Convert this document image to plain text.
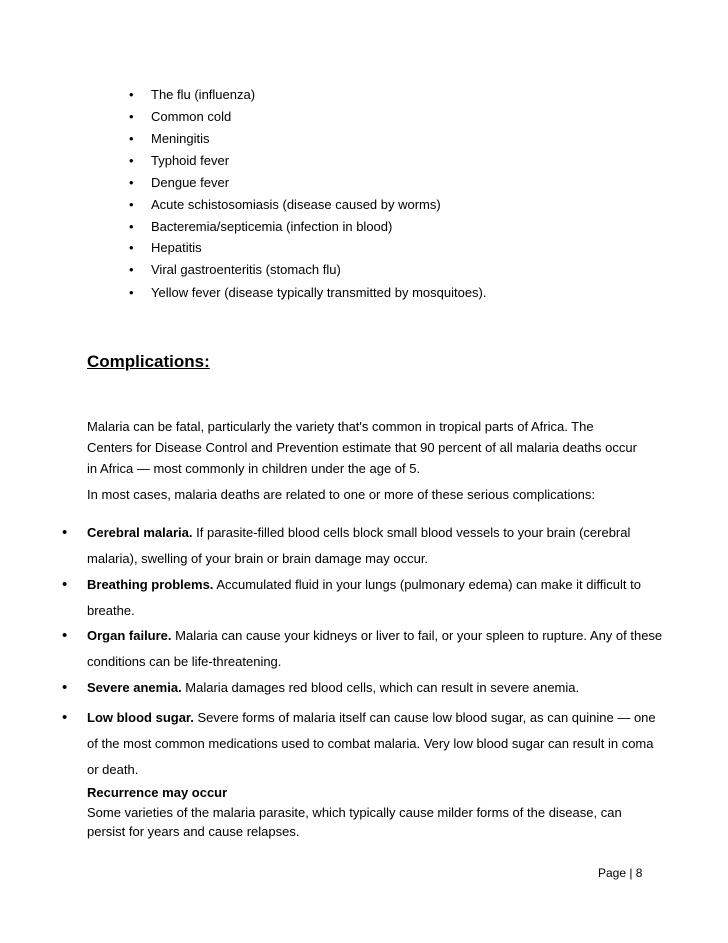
• The flu (influenza)
• Common cold
• Meningitis
• Typhoid fever
• Dengue fever
• Acute schistosomiasis (disease caused by worms)
• Bacteremia/septicemia (infection in blood)
• Hepatitis
• Viral gastroenteritis (stomach flu)
• Yellow fever (disease typically transmitted by mosquitoes).
Complications:
Malaria can be fatal, particularly the variety that's common in tropical parts of Africa. The
Centers for Disease Control and Prevention estimate that 90 percent of all malaria deaths occur
in Africa — most commonly in children under the age of 5.
In most cases, malaria deaths are related to one or more of these serious complications:
• Cerebral malaria. If parasite-filled blood cells block small blood vessels to your brain (cerebral malaria), swelling of your brain or brain damage may occur.
• Breathing problems. Accumulated fluid in your lungs (pulmonary edema) can make it difficult to breathe.
• Organ failure. Malaria can cause your kidneys or liver to fail, or your spleen to rupture. Any of these conditions can be life-threatening.
• Severe anemia. Malaria damages red blood cells, which can result in severe anemia.
• Low blood sugar. Severe forms of malaria itself can cause low blood sugar, as can quinine — one of the most common medications used to combat malaria. Very low blood sugar can result in coma or death.
Recurrence may occur
Some varieties of the malaria parasite, which typically cause milder forms of the disease, can persist for years and cause relapses.
Page | 8
